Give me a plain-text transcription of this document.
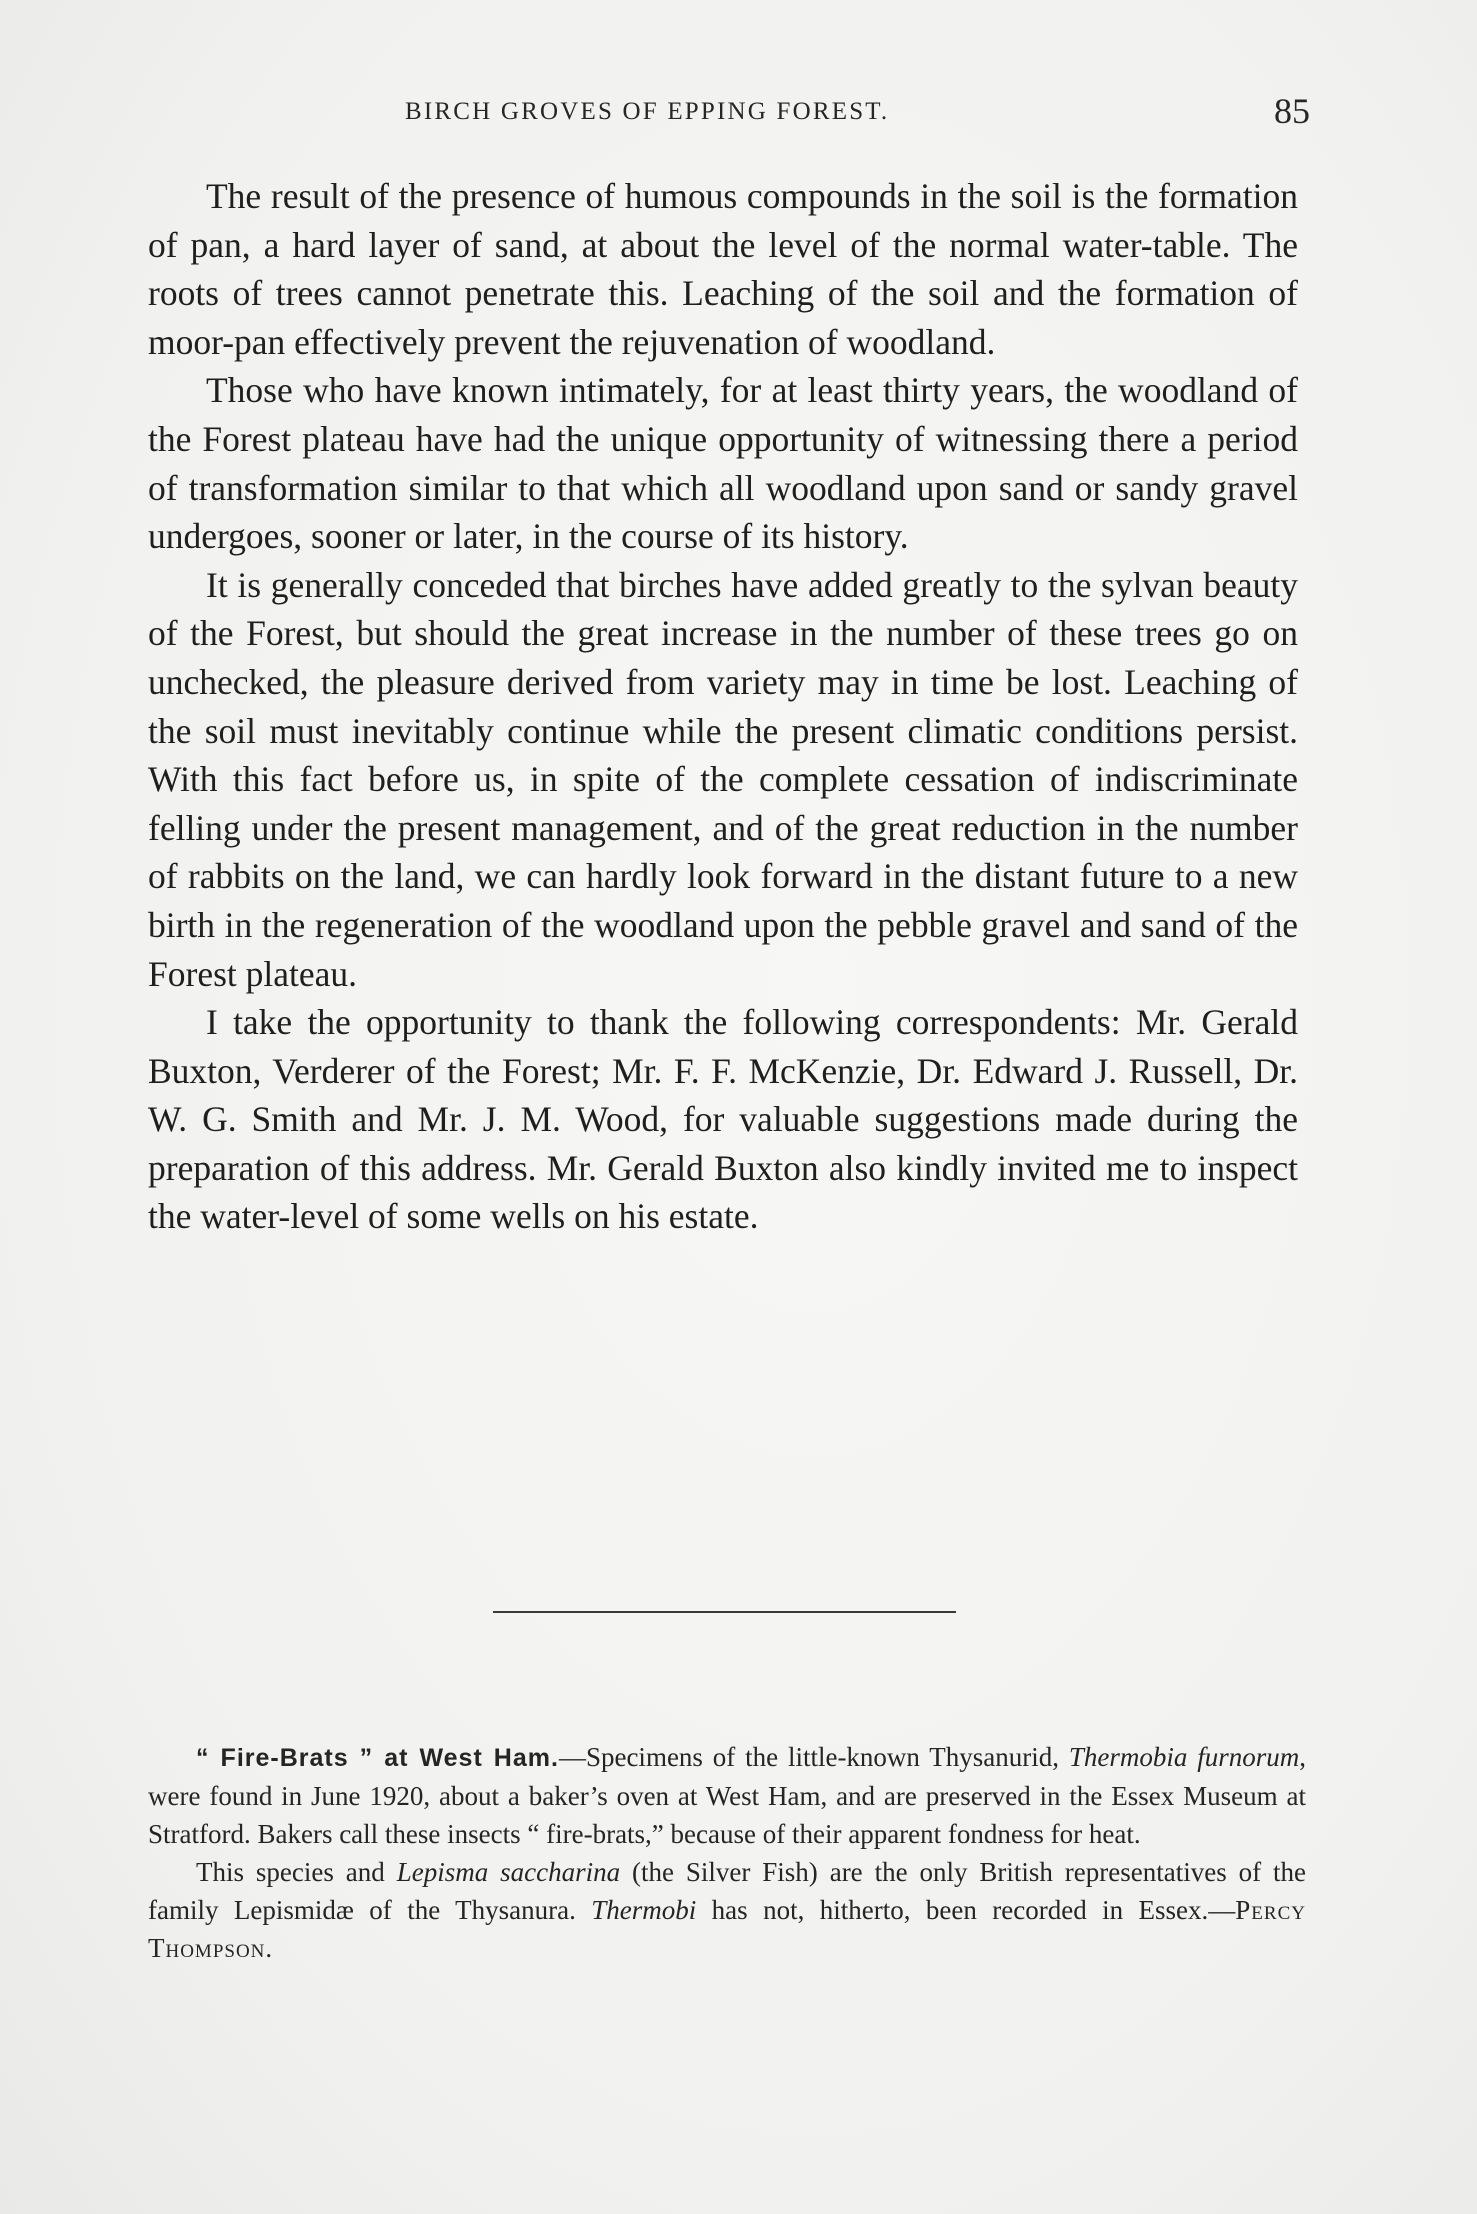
BIRCH GROVES OF EPPING FOREST.	85

The result of the presence of humous compounds in the soil is the formation of pan, a hard layer of sand, at about the level of the normal water-table. The roots of trees cannot penetrate this. Leaching of the soil and the formation of moor-pan effectively prevent the rejuvenation of woodland.

Those who have known intimately, for at least thirty years, the woodland of the Forest plateau have had the unique opportunity of witnessing there a period of transformation similar to that which all woodland upon sand or sandy gravel undergoes, sooner or later, in the course of its history.

It is generally conceded that birches have added greatly to the sylvan beauty of the Forest, but should the great increase in the number of these trees go on unchecked, the pleasure derived from variety may in time be lost. Leaching of the soil must inevitably continue while the present climatic conditions persist. With this fact before us, in spite of the complete cessation of indiscriminate felling under the present management, and of the great reduction in the number of rabbits on the land, we can hardly look forward in the distant future to a new birth in the regeneration of the woodland upon the pebble gravel and sand of the Forest plateau.

I take the opportunity to thank the following correspondents: Mr. Gerald Buxton, Verderer of the Forest; Mr. F. F. McKenzie, Dr. Edward J. Russell, Dr. W. G. Smith and Mr. J. M. Wood, for valuable suggestions made during the preparation of this address. Mr. Gerald Buxton also kindly invited me to inspect the water-level of some wells on his estate.

“ Fire-Brats ” at West Ham.—Specimens of the little-known Thysanurid, Thermobia furnorum, were found in June 1920, about a baker’s oven at West Ham, and are preserved in the Essex Museum at Stratford. Bakers call these insects “ fire-brats,” because of their apparent fondness for heat.

This species and Lepisma saccharina (the Silver Fish) are the only British representatives of the family Lepismidæ of the Thysanura. Thermobi has not, hitherto, been recorded in Essex.—Percy Thompson.
